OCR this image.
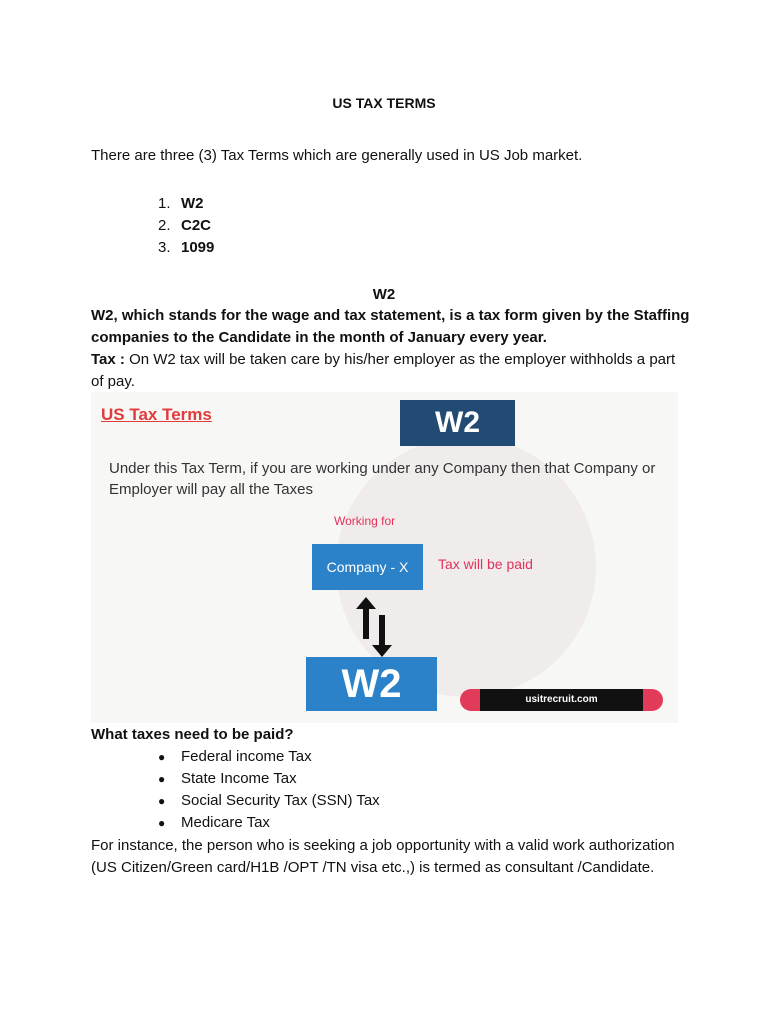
US TAX TERMS
There are three (3) Tax Terms which are generally used in US Job market.
1. W2
2. C2C
3. 1099
W2
W2, which stands for the wage and tax statement, is a tax form given by the Staffing companies to the Candidate in the month of January every year.
Tax : On W2 tax will be taken care by his/her employer as the employer withholds a part of pay.
US Tax Terms	W2
Under this Tax Term, if you are working under any Company then that Company or Employer will pay all the Taxes
Working for
Company - X	Tax will be paid
W2	usitrecruit.com
What taxes need to be paid?
●	Federal income Tax
●	State Income Tax
●	Social Security Tax (SSN) Tax
●	Medicare Tax
For instance, the person who is seeking a job opportunity with a valid work authorization (US Citizen/Green card/H1B /OPT /TN visa etc.,) is termed as consultant /Candidate.
